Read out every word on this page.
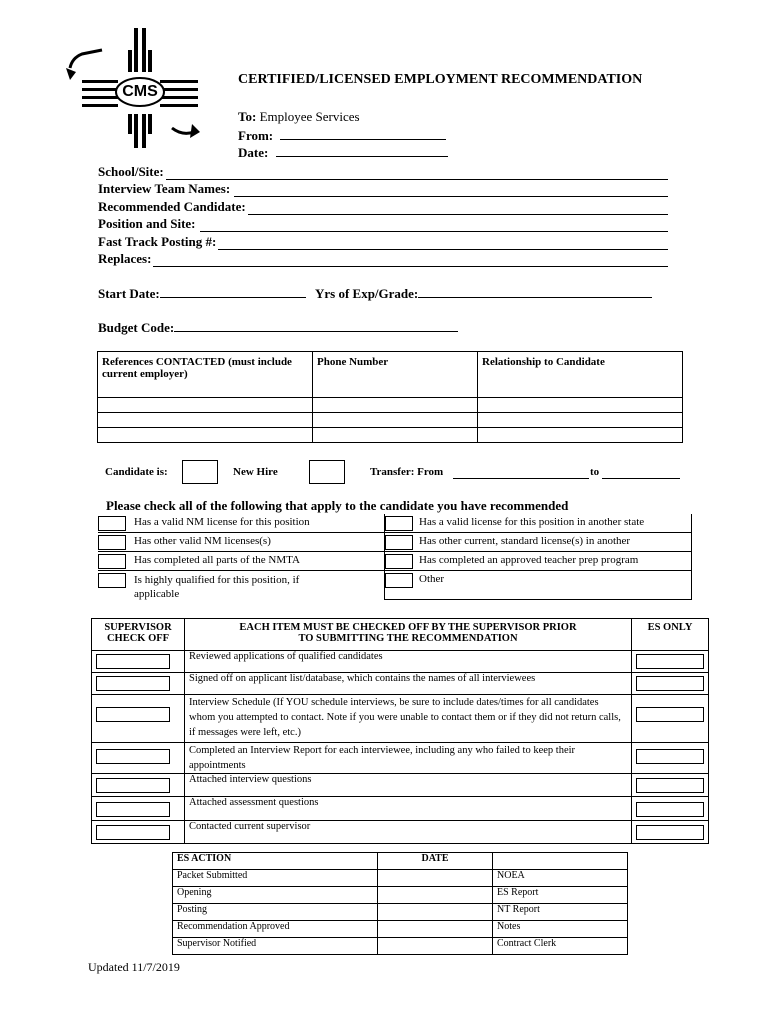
CMS
CERTIFIED/LICENSED EMPLOYMENT RECOMMENDATION
To: Employee Services
From:
Date:
School/Site:
Interview Team Names:
Recommended Candidate:
Position and Site:
Fast Track Posting #:
Replaces:
Start Date:	Yrs of Exp/Grade:
Budget Code:
References CONTACTED (must include current employer)	Phone Number	Relationship to Candidate

Candidate is:	New Hire	Transfer: From	to
Please check all of the following that apply to the candidate you have recommended
Has a valid NM license for this position
Has other valid NM licenses(s)
Has completed all parts of the NMTA
Is highly qualified for this position, if applicable
Has a valid license for this position in another state
Has other current, standard license(s) in another
Has completed an approved teacher prep program
Other
SUPERVISOR CHECK OFF	EACH ITEM MUST BE CHECKED OFF BY THE SUPERVISOR PRIOR
TO SUBMITTING THE RECOMMENDATION	ES ONLY
	Reviewed applications of qualified candidates	
	Signed off on applicant list/database, which contains the names of all interviewees	
	Interview Schedule (If YOU schedule interviews, be sure to include dates/times for all candidates whom you attempted to contact. Note if you were unable to contact them or if they did not return calls, if messages were left, etc.)	
	Completed an Interview Report for each interviewee, including any who failed to keep their appointments	
	Attached interview questions	
	Attached assessment questions	
	Contacted current supervisor	
ES ACTION	DATE	
Packet Submitted		NOEA
Opening		ES Report
Posting		NT Report
Recommendation Approved		Notes
Supervisor Notified		Contract Clerk
Updated 11/7/2019
